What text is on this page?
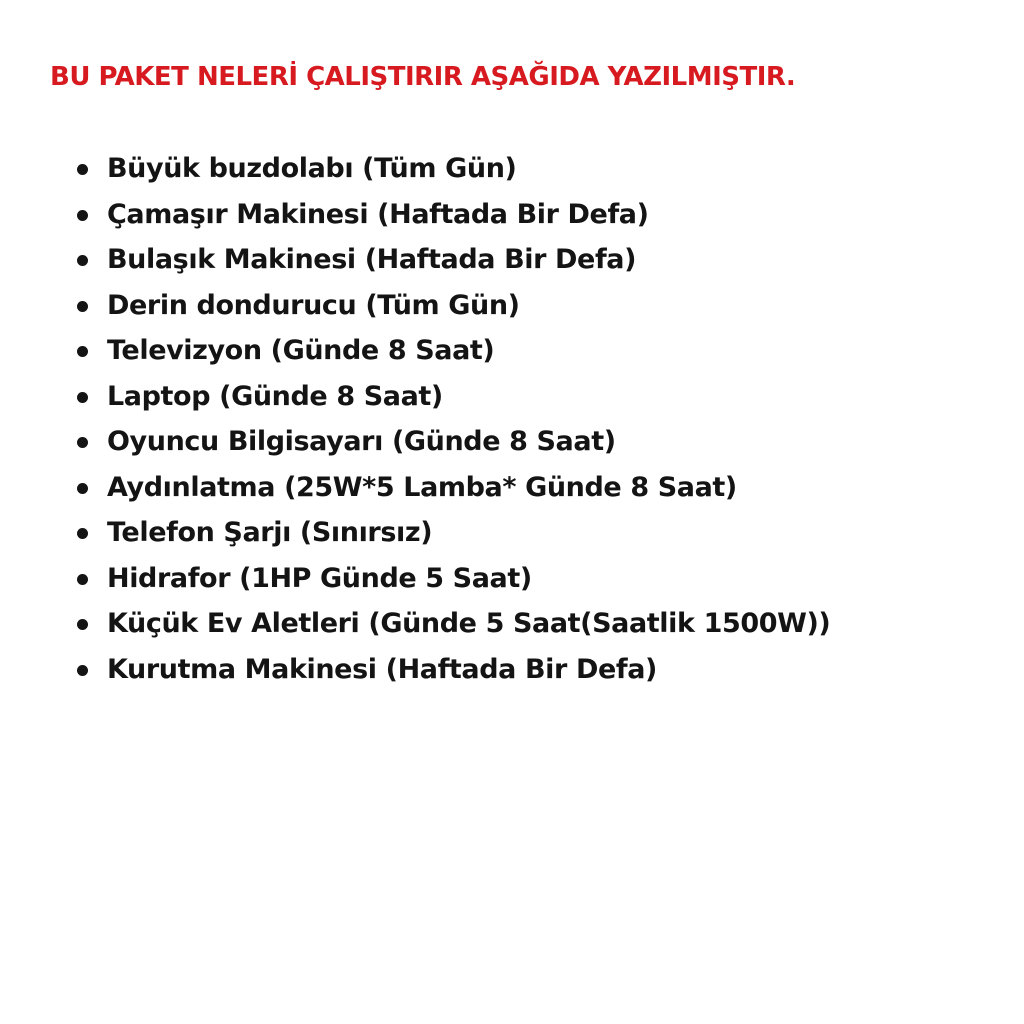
BU PAKET NELERİ ÇALIŞTIRIR AŞAĞIDA YAZILMIŞTIR.
Büyük buzdolabı (Tüm Gün)
Çamaşır Makinesi (Haftada Bir Defa)
Bulaşık Makinesi (Haftada Bir Defa)
Derin dondurucu (Tüm Gün)
Televizyon (Günde 8 Saat)
Laptop (Günde 8 Saat)
Oyuncu Bilgisayarı (Günde 8 Saat)
Aydınlatma (25W*5 Lamba* Günde 8 Saat)
Telefon Şarjı (Sınırsız)
Hidrafor (1HP Günde 5 Saat)
Küçük Ev Aletleri (Günde 5 Saat(Saatlik 1500W))
Kurutma Makinesi (Haftada Bir Defa)
